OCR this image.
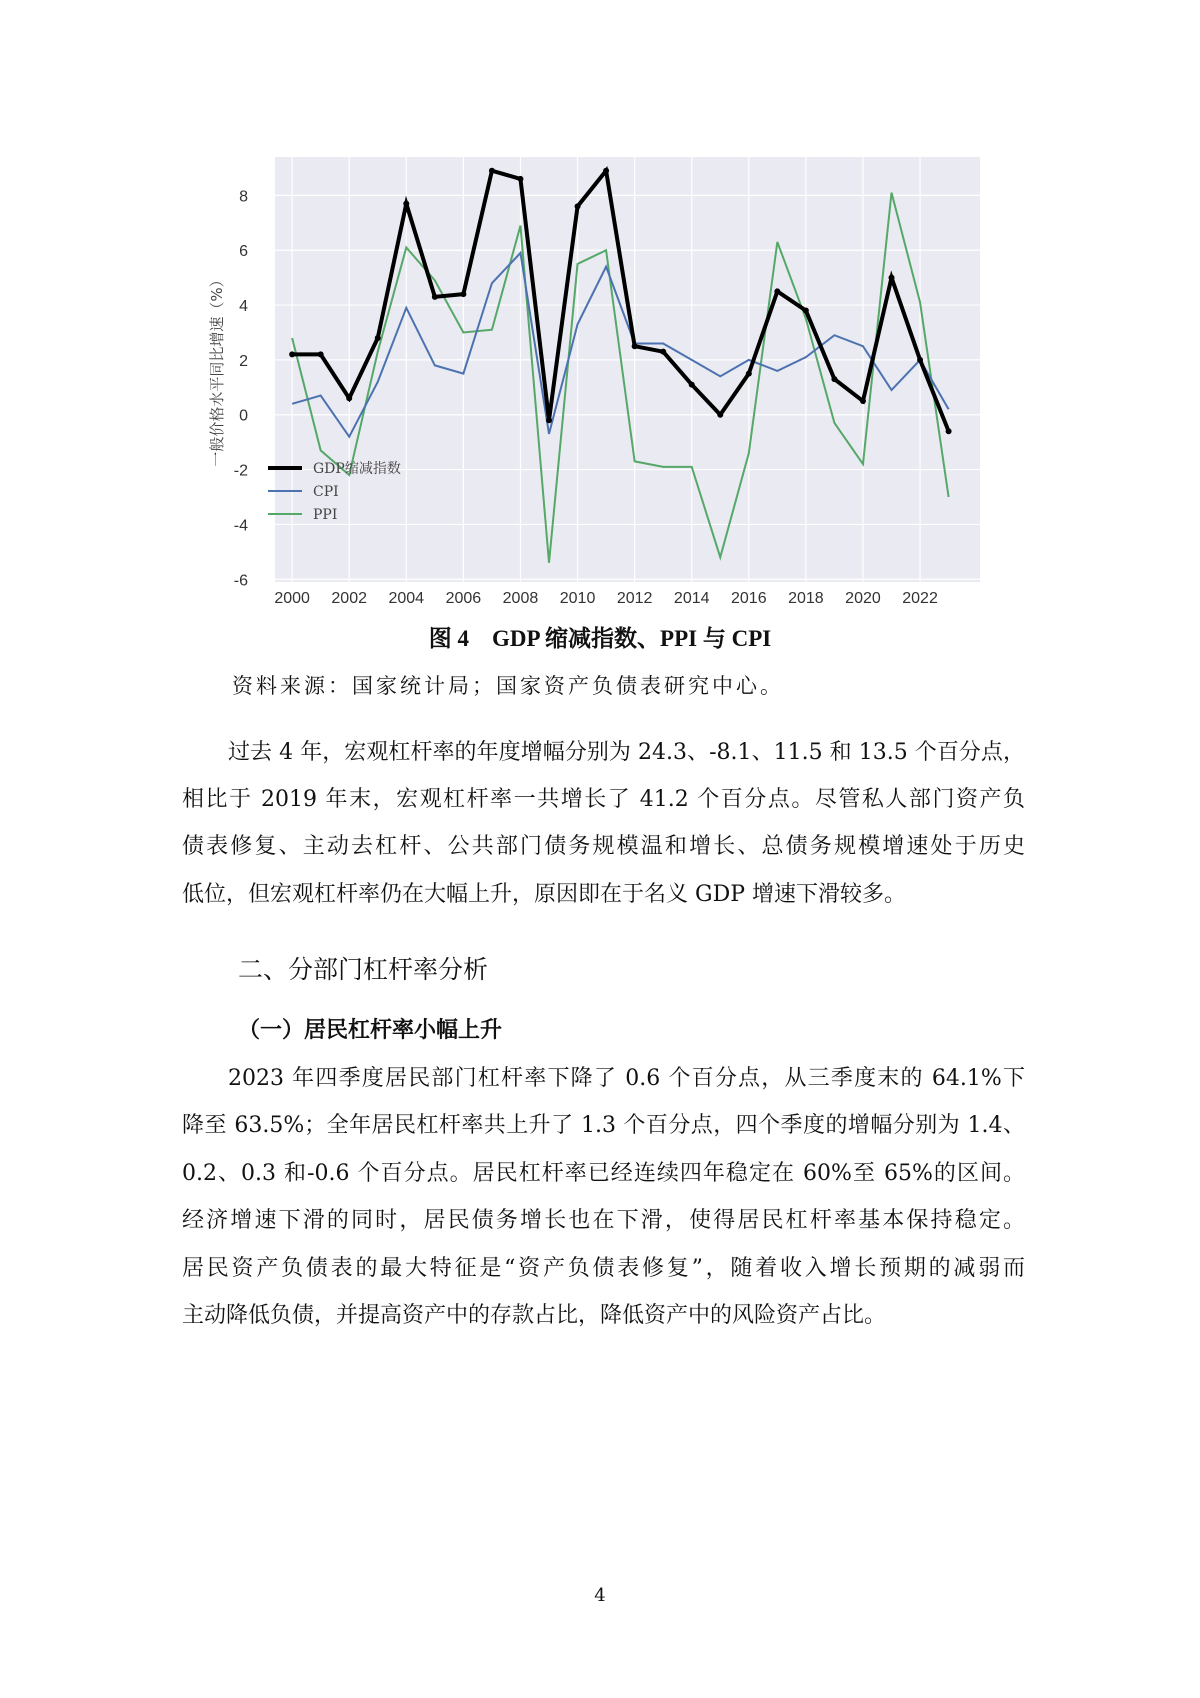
-6
-4
-2
0
2
4
6
8
2000 2002 2004 2006 2008 2010 2012 2014 2016 2018 2020 2022
一般价格水平同比增速（%）
GDP缩减指数
CPI
PPI
图 4　GDP 缩减指数、PPI 与 CPI
资料来源：国家统计局；国家资产负债表研究中心。
过去 4 年，宏观杠杆率的年度增幅分别为 24.3、-8.1、11.5 和 13.5 个百分点，
相比于 2019 年末，宏观杠杆率一共增长了 41.2 个百分点。尽管私人部门资产负
债表修复、主动去杠杆、公共部门债务规模温和增长、总债务规模增速处于历史
低位，但宏观杠杆率仍在大幅上升，原因即在于名义 GDP 增速下滑较多。
二、分部门杠杆率分析
（一）居民杠杆率小幅上升
2023 年四季度居民部门杠杆率下降了 0.6 个百分点，从三季度末的 64.1%下
降至 63.5%；全年居民杠杆率共上升了 1.3 个百分点，四个季度的增幅分别为 1.4、
0.2、0.3 和-0.6 个百分点。居民杠杆率已经连续四年稳定在 60%至 65%的区间。
经济增速下滑的同时，居民债务增长也在下滑，使得居民杠杆率基本保持稳定。
居民资产负债表的最大特征是“资产负债表修复”，随着收入增长预期的减弱而
主动降低负债，并提高资产中的存款占比，降低资产中的风险资产占比。
4
